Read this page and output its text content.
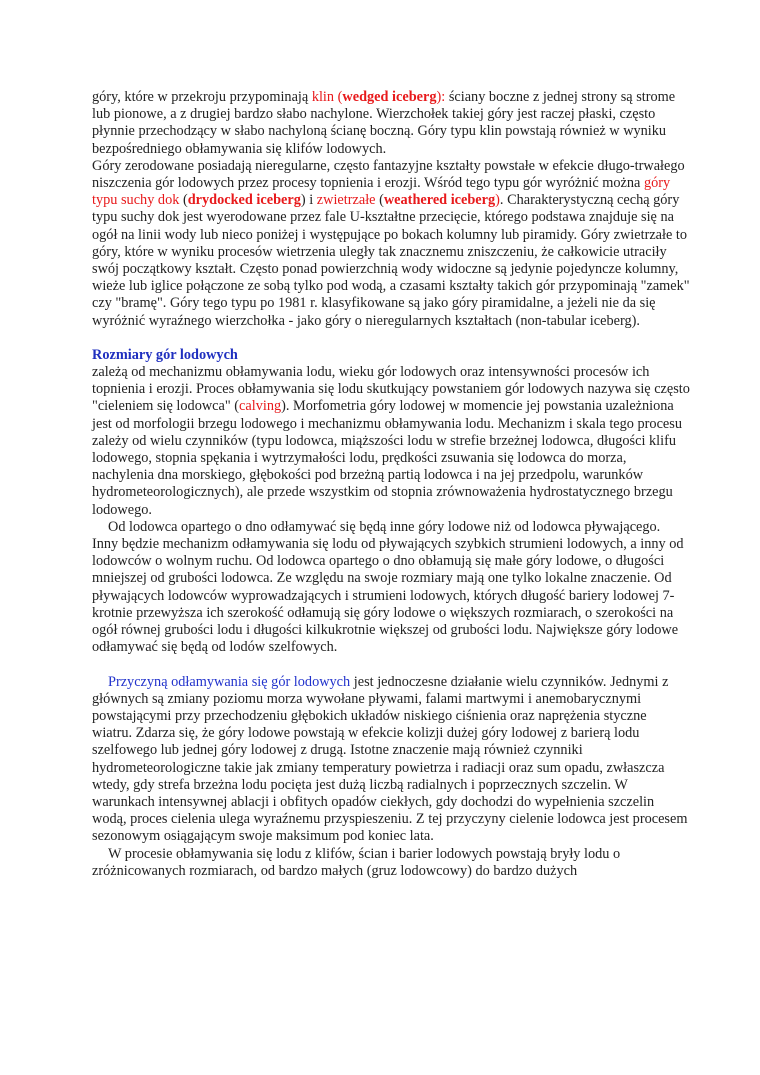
góry, które w przekroju przypominają klin (wedged iceberg): ściany boczne z jednej strony są strome lub pionowe, a z drugiej bardzo słabo nachylone. Wierzchołek takiej góry jest raczej płaski, często płynnie przechodzący w słabo nachyloną ścianę boczną. Góry typu klin powstają również w wyniku bezpośredniego obłamywania się klifów lodowych.

Góry zerodowane posiadają nieregularne, często fantazyjne kształty powstałe w efekcie długo-trwałego niszczenia gór lodowych przez procesy topnienia i erozji. Wśród tego typu gór wyróżnić można góry typu suchy dok (drydocked iceberg) i zwietrzałe (weathered iceberg). Charakterystyczną cechą góry typu suchy dok jest wyerodowane przez fale U-kształtne przecięcie, którego podstawa znajduje się na ogół na linii wody lub nieco poniżej i występujące po bokach kolumny lub piramidy. Góry zwietrzałe to góry, które w wyniku procesów wietrzenia uległy tak znacznemu zniszczeniu, że całkowicie utraciły swój początkowy kształt. Często ponad powierzchnią wody widoczne są jedynie pojedyncze kolumny, wieże lub iglice połączone ze sobą tylko pod wodą, a czasami kształty takich gór przypominają "zamek" czy "bramę". Góry tego typu po 1981 r. klasyfikowane są jako góry piramidalne, a jeżeli nie da się wyróżnić wyraźnego wierzchołka - jako góry o nieregularnych kształtach (non-tabular iceberg).

Rozmiary gór lodowych

zależą od mechanizmu obłamywania lodu, wieku gór lodowych oraz intensywności procesów ich topnienia i erozji. Proces obłamywania się lodu skutkujący powstaniem gór lodowych nazywa się często "cieleniem się lodowca" (calving). Morfometria góry lodowej w momencie jej powstania uzależniona jest od morfologii brzegu lodowego i mechanizmu obłamywania lodu. Mechanizm i skala tego procesu zależy od wielu czynników (typu lodowca, miąższości lodu w strefie brzeżnej lodowca, długości klifu lodowego, stopnia spękania i wytrzymałości lodu, prędkości zsuwania się lodowca do morza, nachylenia dna morskiego, głębokości pod brzeżną partią lodowca i na jej przedpolu, warunków hydrometeorologicznych), ale przede wszystkim od stopnia zrównoważenia hydrostatycznego brzegu lodowego.

Od lodowca opartego o dno odłamywać się będą inne góry lodowe niż od lodowca pływającego. Inny będzie mechanizm odłamywania się lodu od pływających szybkich strumieni lodowych, a inny od lodowców o wolnym ruchu. Od lodowca opartego o dno obłamują się małe góry lodowe, o długości mniejszej od grubości lodowca. Ze względu na swoje rozmiary mają one tylko lokalne znaczenie. Od pływających lodowców wyprowadzających i strumieni lodowych, których długość bariery lodowej 7-krotnie przewyższa ich szerokość odłamują się góry lodowe o większych rozmiarach, o szerokości na ogół równej grubości lodu i długości kilkukrotnie większej od grubości lodu. Największe góry lodowe odłamywać się będą od lodów szelfowych.

Przyczyną odłamywania się gór lodowych jest jednoczesne działanie wielu czynników. Jednymi z głównych są zmiany poziomu morza wywołane pływami, falami martwymi i anemobarycznymi powstającymi przy przechodzeniu głębokich układów niskiego ciśnienia oraz naprężenia styczne wiatru. Zdarza się, że góry lodowe powstają w efekcie kolizji dużej góry lodowej z barierą lodu szelfowego lub jednej góry lodowej z drugą. Istotne znaczenie mają również czynniki hydrometeorologiczne takie jak zmiany temperatury powietrza i radiacji oraz sum opadu, zwłaszcza wtedy, gdy strefa brzeżna lodu pocięta jest dużą liczbą radialnych i poprzecznych szczelin. W warunkach intensywnej ablacji i obfitych opadów ciekłych, gdy dochodzi do wypełnienia szczelin wodą, proces cielenia ulega wyraźnemu przyspieszeniu. Z tej przyczyny cielenie lodowca jest procesem sezonowym osiągającym swoje maksimum pod koniec lata.

W procesie obłamywania się lodu z klifów, ścian i barier lodowych powstają bryły lodu o zróżnicowanych rozmiarach, od bardzo małych (gruz lodowcowy) do bardzo dużych
